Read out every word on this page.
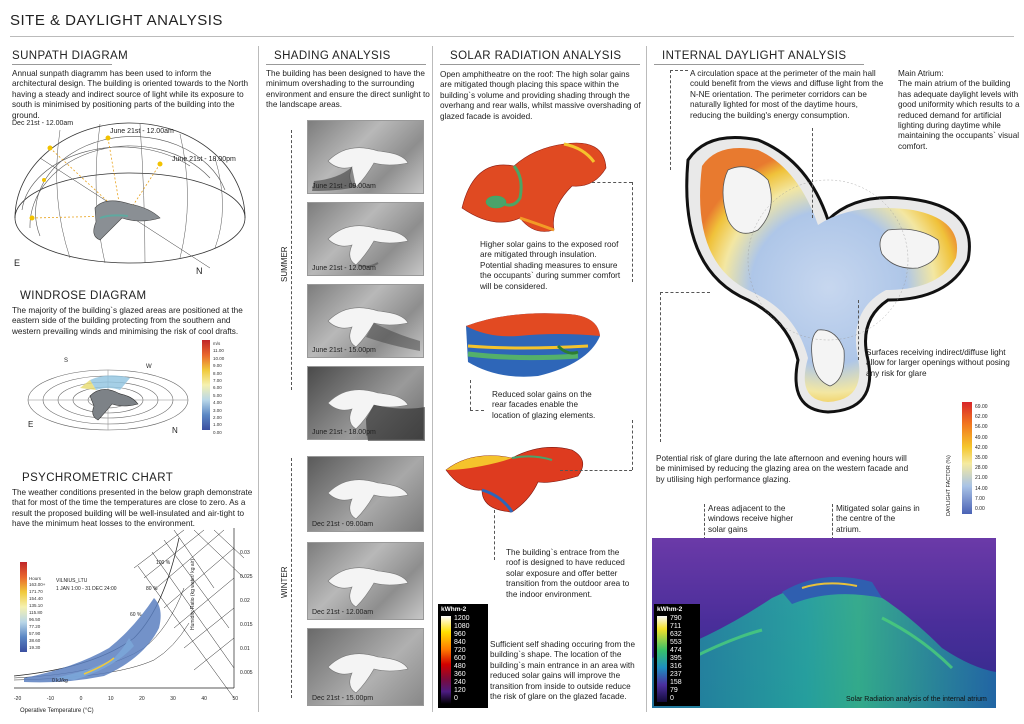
SITE & DAYLIGHT ANALYSIS
SUNPATH DIAGRAM
Annual sunpath diagramm has been used to inform the architectural design. The building is oriented towards to the North having a steady and indirect source of light while its exposure to south is minimised by positioning parts of the building into the ground.
Dec 21st - 12.00am
June 21st - 12.00am
June 21st - 18.00pm
E
N
WINDROSE DIAGRAM
The majority of the building`s glazed areas are positioned at the eastern side of the building protecting from the southern and western prevailing winds and minimising the risk of cool drafts.
S
W
E
N
m/s
11.00
10.00
9.00
8.00
7.00
6.00
5.00
4.00
3.00
2.00
1.00
0.00
PSYCHROMETRIC CHART
The weather conditions presented in the below graph demonstrate that for most of the time the temperatures are close to zero. As a result the proposed building will be well-insulated and air-tight to have the minimum heat losses to the environment.
Hours
163.00+
171.70
154.40
135.10
115.80
96.50
77.20
57.90
38.60
19.30
VILNIUS_LTU
1 JAN 1:00 - 31 DEC 24:00
100 %
80 %
60 %
0 kJ/kg
-20	-10	0	10	20	30	40	50
Operative Temperature (°C)
0.03
0.025
0.02
0.015
0.01
0.005
Humidity Ratio (kg water/ kg air)
SHADING ANALYSIS
The building has been designed to have the minimum overshading to the surrounding environment and ensure the direct sunlight to the landscape areas.
SUMMER
WINTER
June 21st - 09.00am
June 21st - 12.00am
June 21st - 15.00pm
June 21st - 18.00pm
Dec 21st - 09.00am
Dec 21st - 12.00am
Dec 21st - 15.00pm
SOLAR RADIATION ANALYSIS
Open amphitheatre on the roof: The high solar gains are mitigated though placing this space within the building`s volume and providing shading through the overhang and rear walls, whilst massive overshading of glazed facade is avoided.
Higher solar gains to the exposed roof are mitigated through insulation. Potential shading measures to ensure the occupants` during summer comfort will be considered.
Reduced solar gains on the rear facades enable the location of glazing elements.
The building`s entrace from the roof is designed to have reduced solar exposure and offer better transition from the outdoor area to the indoor environment.
kWhm-2
1200
1080
960
840
720
600
480
360
240
120
0
Sufficient self shading occuring from the building`s shape. The location of the building`s main entrance in an area with reduced solar gains will improve the transition from inside to outside reduce the risk of glare on the glazed facade.
INTERNAL DAYLIGHT ANALYSIS
A circulation space at the perimeter of the main hall could benefit from the views and diffuse light from the N-NE orientation. The perimeter corridors can be naturally lighted for most of the daytime hours, reducing the building's energy consumption.
Main Atrium:
The main atrium of the building has adequate daylight levels with good uniformity which results to a reduced demand for artificial lighting during daytime while maintaining the occupants` visual comfort.
Surfaces receiving indirect/diffuse light allow for larger openings without posing any risk for glare
69.00
62.00
56.00
49.00
42.00
35.00
28.00
21.00
14.00
7.00
0.00
DAYLIGHT FACTOR (%)
Potential risk of glare during the late afternoon and evening hours will be minimised by reducing the glazing area on the western facade and by utilising high performance glazing.
Areas adjacent to the windows receive higher solar gains
Mitigated solar gains in the centre of the atrium.
kWhm-2
790
711
632
553
474
395
316
237
158
79
0	Solar Radiation analysis of the internal atrium
